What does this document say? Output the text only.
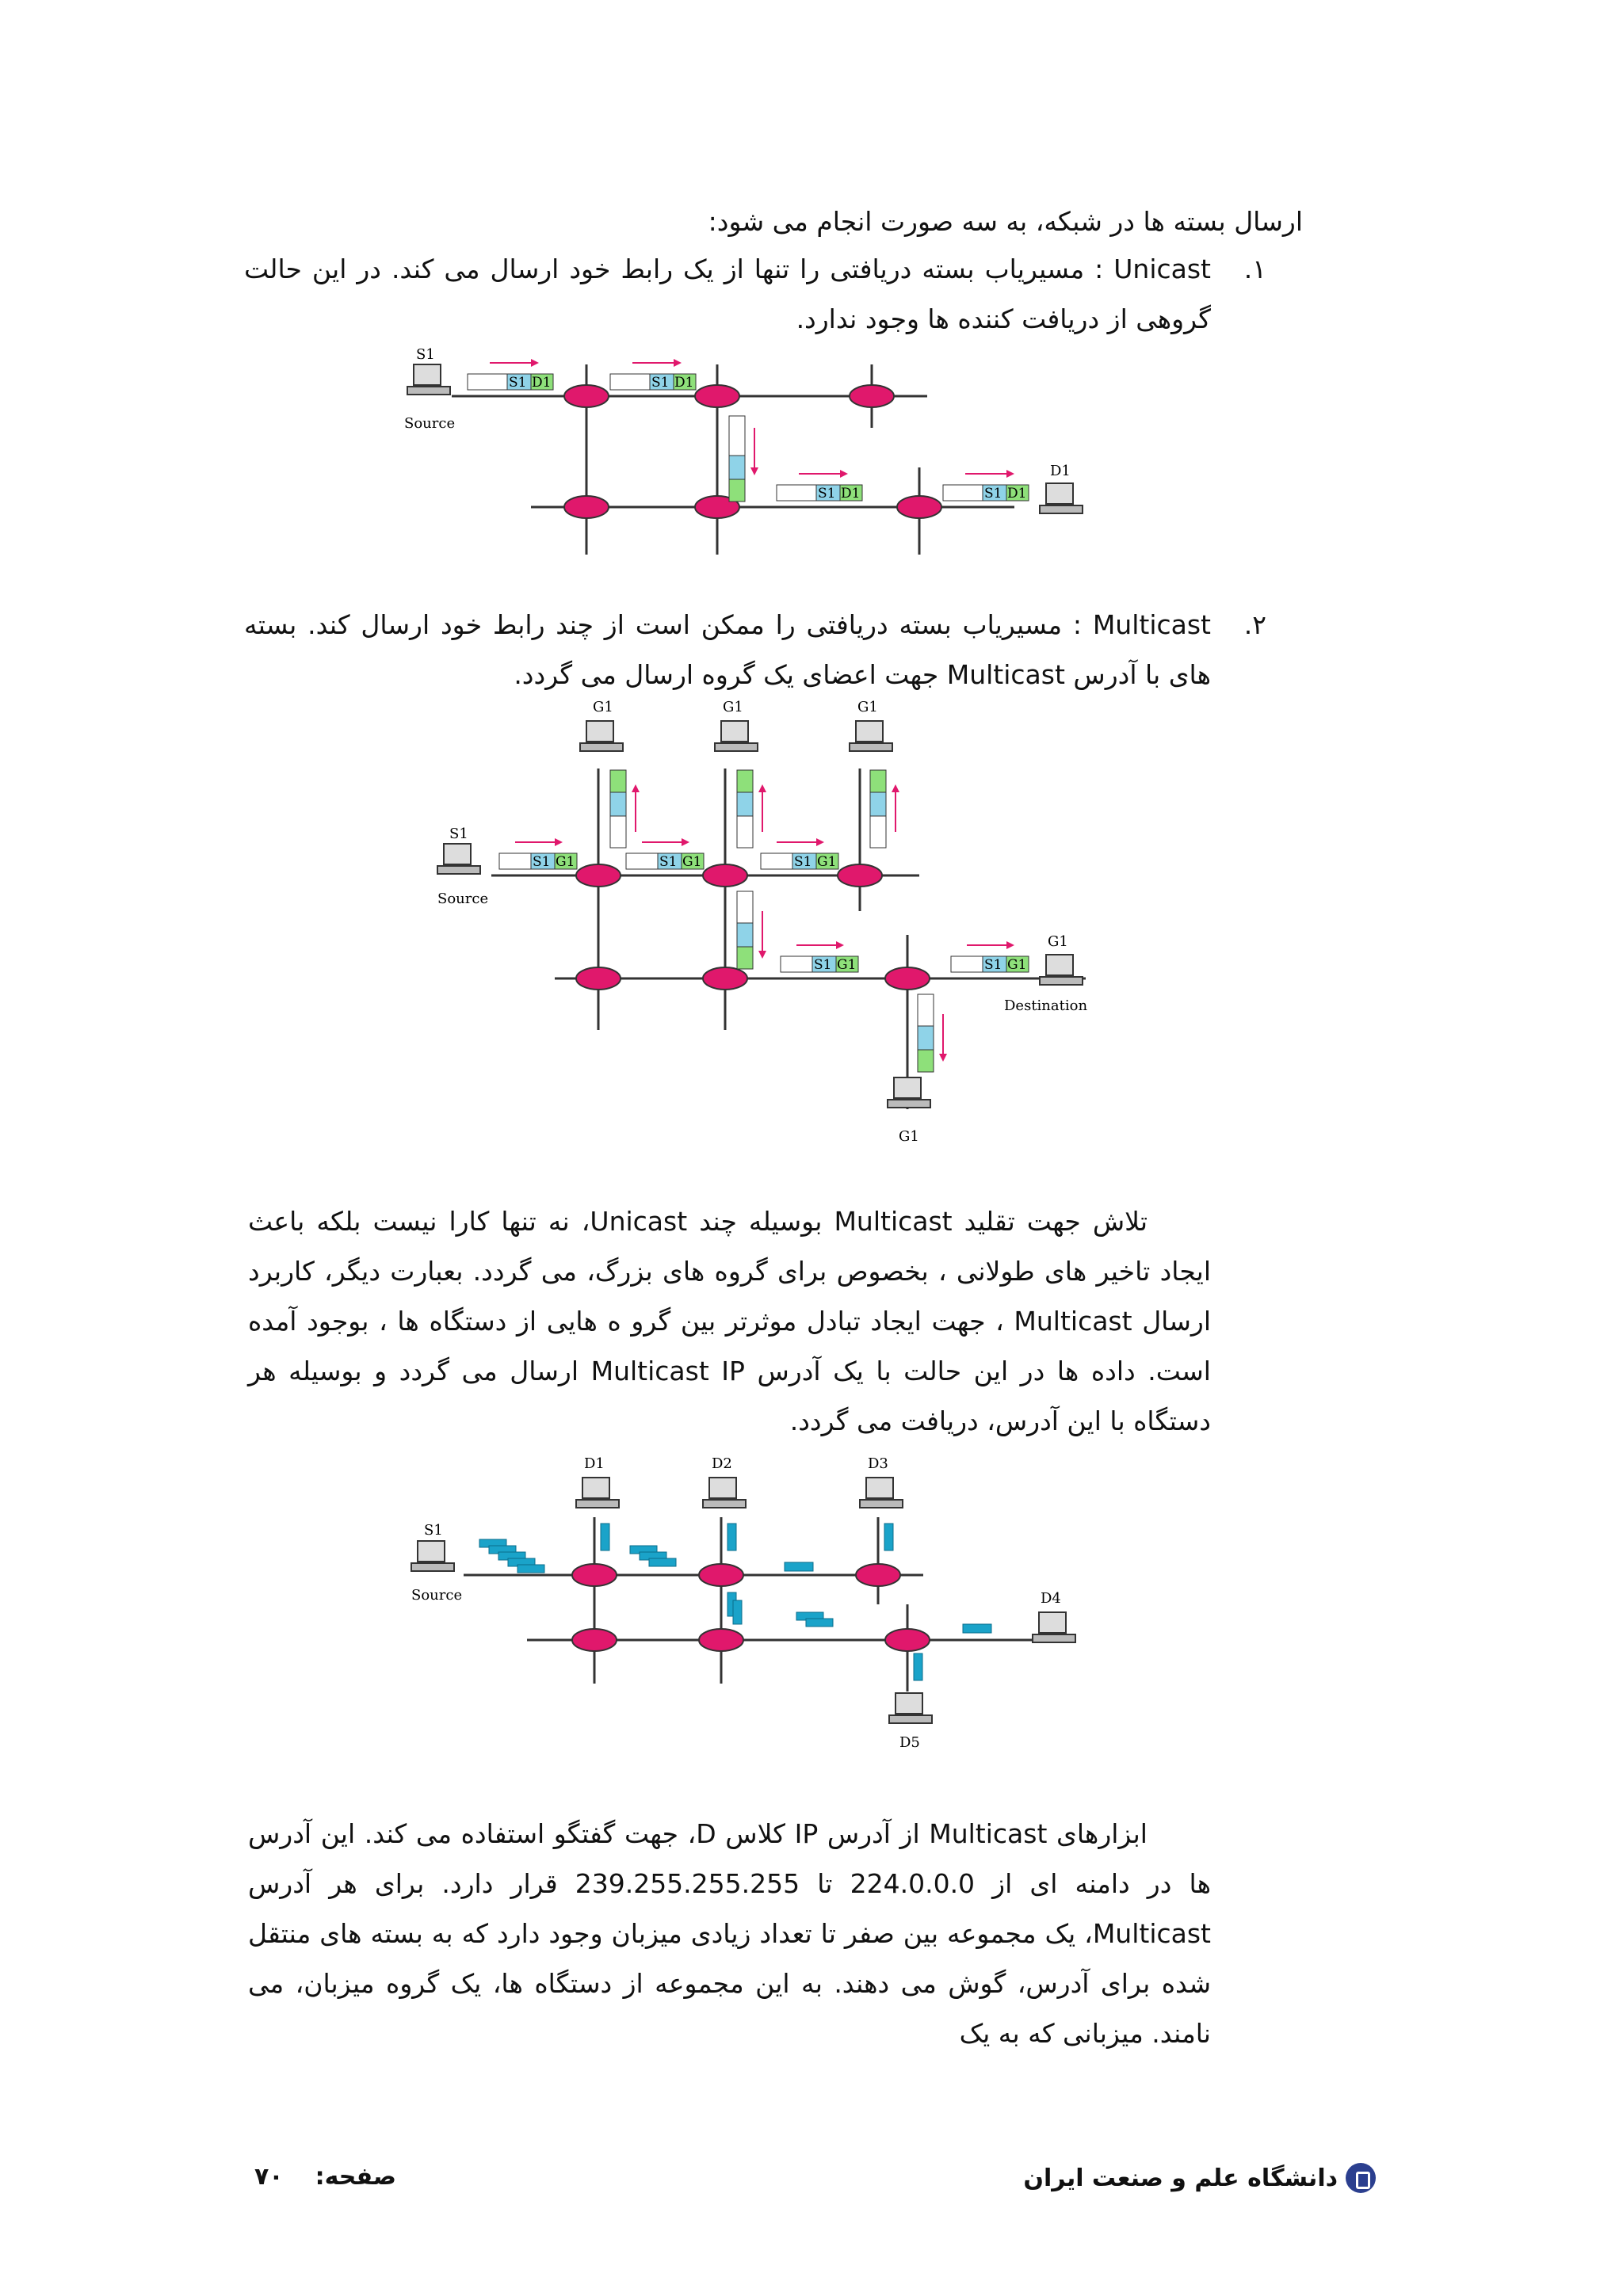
ارسال بسته ها در شبکه، به سه صورت انجام می شود:
۱.
Unicast : مسیریاب بسته دریافتی را تنها از یک رابط خود ارسال می کند. در این حالت گروهی از دریافت کننده ها وجود ندارد.
S1
Source
D1
S1 D1	S1 D1
S1 D1	S1 D1
۲.
Multicast : مسیریاب بسته دریافتی را ممکن است از چند رابط خود ارسال کند. بسته های با آدرس Multicast جهت اعضای یک گروه ارسال می گردد.
S1
Source
G1	G1	G1
G1
Destination
G1
S1 G1	S1 G1	S1 G1
S1 G1	S1 G1
تلاش جهت تقلید Multicast بوسیله چند Unicast، نه تنها کارا نیست بلکه باعث ایجاد تاخیر های طولانی ، بخصوص برای گروه های بزرگ، می گردد. بعبارت دیگر، کاربرد ارسال Multicast ، جهت ایجاد تبادل موثرتر بین گرو ه هایی از دستگاه ها ، بوجود آمده است. داده ها در این حالت با یک آدرس Multicast IP ارسال می گردد و بوسیله هر دستگاه با این آدرس، دریافت می گردد.
S1
Source
D1	D2	D3
D4
D5
ابزارهای Multicast از آدرس IP کلاس D، جهت گفتگو استفاده می کند. این آدرس ها در دامنه ای از 224.0.0.0 تا 239.255.255.255 قرار دارد. برای هر آدرس Multicast، یک مجموعه بین صفر تا تعداد زیادی میزبان وجود دارد که به بسته های منتقل شده برای آدرس، گوش می دهند. به این مجموعه از دستگاه ها، یک گروه میزبان، می نامند. میزبانی که به یک
دانشگاه علم و صنعت ایران
صفحه:
۷۰
